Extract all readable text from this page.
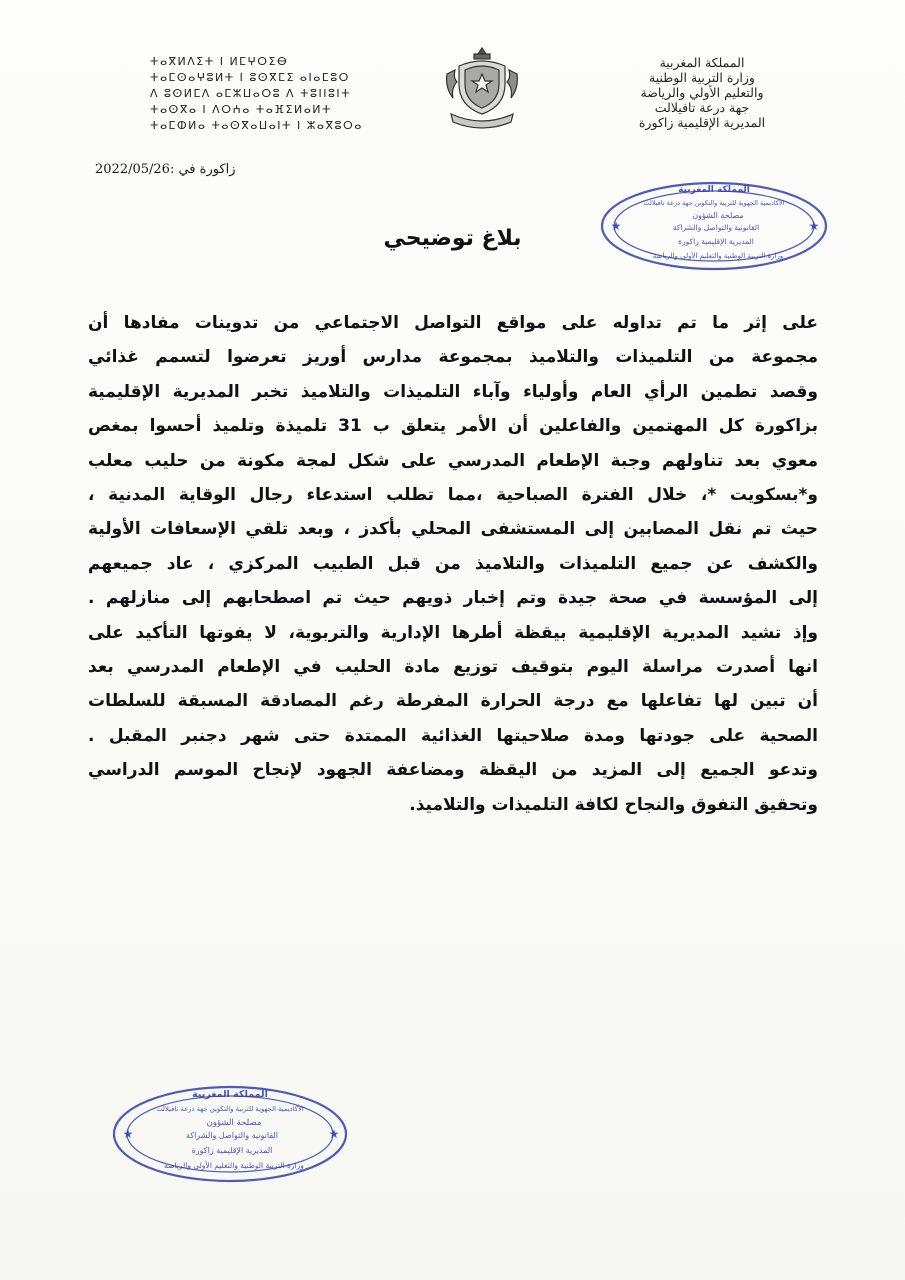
المملكة المغربية
وزارة التربية الوطنية
والتعليم الأولي والرياضة
جهة درعة تافيلالت
المديرية الإقليمية زاكورة
ⵜⴰⴳⵍⴷⵉⵜ ⵏ ⵍⵎⵖⵔⵉⴱ
ⵜⴰⵎⵙⴰⵖⵓⵍⵜ ⵏ ⵓⵙⴳⵎⵉ ⴰⵏⴰⵎⵓⵔ
ⴷ ⵓⵙⵍⵎⴷ ⴰⵎⵣⵡⴰⵔⵓ ⴷ ⵜⵓⵏⵏⵓⵏⵜ
ⵜⴰⵙⴳⴰ ⵏ ⴷⵔⵄⴰ ⵜⴰⴼⵉⵍⴰⵍⵜ
ⵜⴰⵎⵀⵍⴰ ⵜⴰⵙⴳⴰⵡⴰⵏⵜ ⵏ ⵣⴰⴳⵓⵔⴰ
زاكورة في :2022/05/26
بلاغ توضيحي
المملكة المغربية
الأكاديمية الجهوية للتربية والتكوين جهة درعة تافيلالت
مصلحة الشؤون
القانونية والتواصل والشراكة
المديرية الإقليمية زاكورة
وزارة التربية الوطنية والتعليم الأولي والرياضة
★	★

على إثر ما تم تداوله على مواقع التواصل الاجتماعي من تدوينات مفادها أن

مجموعة من التلميذات والتلاميذ بمجموعة مدارس أوريز تعرضوا لتسمم غذائي

وقصد تطمين الرأي العام وأولياء وآباء التلميذات والتلاميذ تخبر المديرية الإقليمية

بزاكورة كل المهتمين والفاعلين أن الأمر يتعلق ب 31 تلميذة وتلميذ أحسوا بمغص

معوي بعد تناولهم وجبة الإطعام المدرسي على شكل لمجة مكونة من حليب معلب

و*بسكويت *، خلال الفترة الصباحية ،مما تطلب استدعاء رجال الوقاية المدنية ،

حيث تم نقل المصابين إلى المستشفى المحلي بأكدز ، وبعد تلقي الإسعافات الأولية

والكشف عن جميع التلميذات والتلاميذ من قبل الطبيب المركزي ، عاد جميعهم

إلى المؤسسة في صحة جيدة وتم إخبار ذويهم حيث تم اصطحابهم إلى منازلهم .

وإذ تشيد المديرية الإقليمية بيقظة أطرها الإدارية والتربوية، لا يفوتها التأكيد على

انها أصدرت مراسلة اليوم بتوقيف توزيع مادة الحليب في الإطعام المدرسي بعد

أن تبين لها تفاعلها مع درجة الحرارة المفرطة رغم المصادقة المسبقة للسلطات

الصحية على جودتها ومدة صلاحيتها الغذائية الممتدة حتى شهر دجنبر المقبل .

وتدعو الجميع إلى المزيد من اليقظة ومضاعفة الجهود لإنجاح الموسم الدراسي

وتحقيق التفوق والنجاح لكافة التلميذات والتلاميذ.

المملكة المغربية
الأكاديمية الجهوية للتربية والتكوين جهة درعة تافيلالت
مصلحة الشؤون
القانونية والتواصل والشراكة
المديرية الإقليمية زاكورة
وزارة التربية الوطنية والتعليم الأولي والرياضة
★	★
